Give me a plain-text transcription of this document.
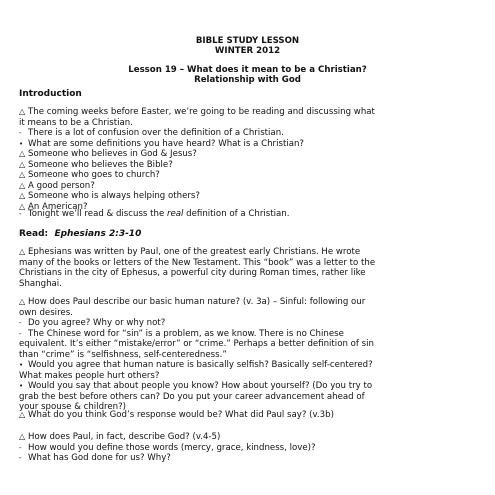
BIBLE STUDY LESSON
WINTER 2012
Lesson 19 – What does it mean to be a Christian?
Relationship with God
Introduction
△ The coming weeks before Easter, we’re going to be reading and discussing what
it means to be a Christian.
- There is a lot of confusion over the definition of a Christian.
• What are some definitions you have heard? What is a Christian?
△ Someone who believes in God & Jesus?
△ Someone who believes the Bible?
△ Someone who goes to church?
△ A good person?
△ Someone who is always helping others?
△ An American?
- Tonight we’ll read & discuss the real definition of a Christian.
Read: Ephesians 2:3-10
△ Ephesians was written by Paul, one of the greatest early Christians. He wrote
many of the books or letters of the New Testament. This “book” was a letter to the
Christians in the city of Ephesus, a powerful city during Roman times, rather like
Shanghai.
△ How does Paul describe our basic human nature? (v. 3a) – Sinful: following our
own desires.
- Do you agree? Why or why not?
- The Chinese word for “sin” is a problem, as we know. There is no Chinese
equivalent. It’s either “mistake/error” or “crime.” Perhaps a better definition of sin
than “crime” is “selfishness, self-centeredness.”
• Would you agree that human nature is basically selfish? Basically self-centered?
What makes people hurt others?
• Would you say that about people you know? How about yourself? (Do you try to
grab the best before others can? Do you put your career advancement ahead of
your spouse & children?)
△ What do you think God’s response would be? What did Paul say? (v.3b)
△ How does Paul, in fact, describe God? (v.4-5)
- How would you define those words (mercy, grace, kindness, love)?
- What has God done for us? Why?
